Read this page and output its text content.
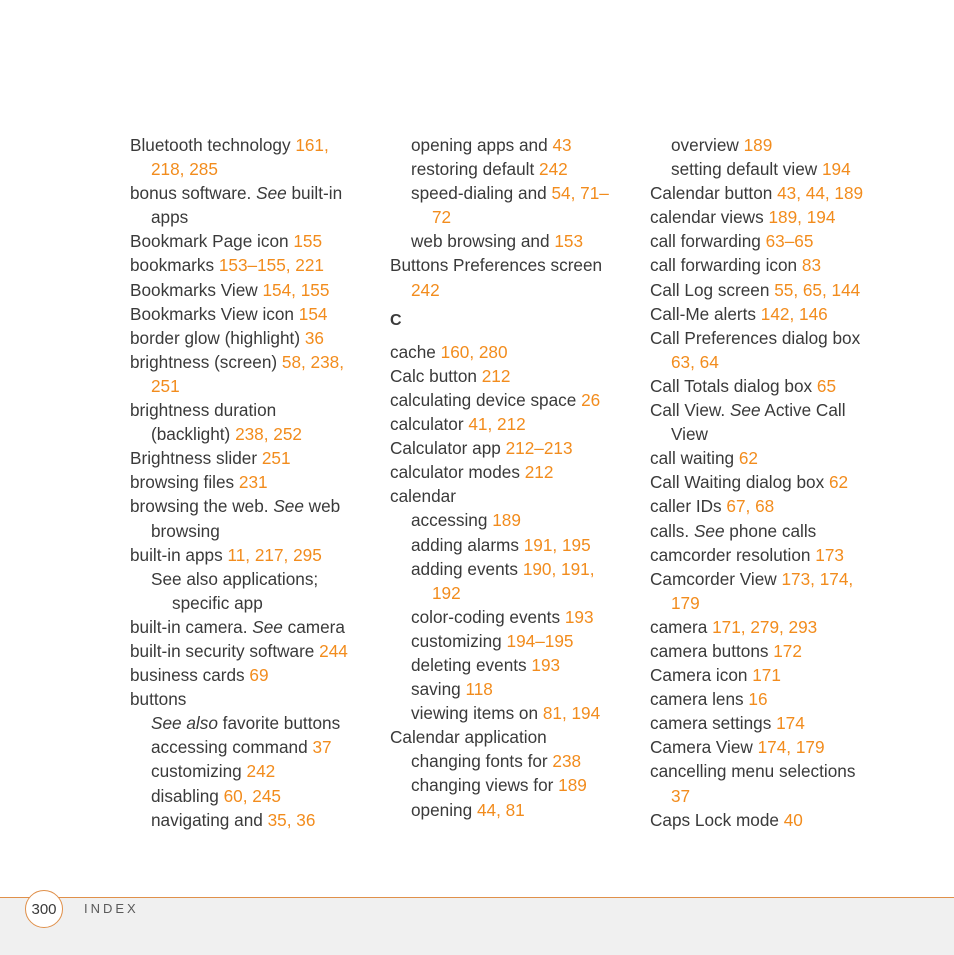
Bluetooth technology 161,
218, 285
bonus software. See built-in
apps
Bookmark Page icon 155
bookmarks 153–155, 221
Bookmarks View 154, 155
Bookmarks View icon 154
border glow (highlight) 36
brightness (screen) 58, 238,
251
brightness duration
(backlight) 238, 252
Brightness slider 251
browsing files 231
browsing the web. See web
browsing
built-in apps 11, 217, 295
See also applications;
specific app
built-in camera. See camera
built-in security software 244
business cards 69
buttons
See also favorite buttons
accessing command 37
customizing 242
disabling 60, 245
navigating and 35, 36
opening apps and 43
restoring default 242
speed-dialing and 54, 71–
72
web browsing and 153
Buttons Preferences screen
242
C
cache 160, 280
Calc button 212
calculating device space 26
calculator 41, 212
Calculator app 212–213
calculator modes 212
calendar
accessing 189
adding alarms 191, 195
adding events 190, 191,
192
color-coding events 193
customizing 194–195
deleting events 193
saving 118
viewing items on 81, 194
Calendar application
changing fonts for 238
changing views for 189
opening 44, 81
overview 189
setting default view 194
Calendar button 43, 44, 189
calendar views 189, 194
call forwarding 63–65
call forwarding icon 83
Call Log screen 55, 65, 144
Call-Me alerts 142, 146
Call Preferences dialog box
63, 64
Call Totals dialog box 65
Call View. See Active Call
View
call waiting 62
Call Waiting dialog box 62
caller IDs 67, 68
calls. See phone calls
camcorder resolution 173
Camcorder View 173, 174,
179
camera 171, 279, 293
camera buttons 172
Camera icon 171
camera lens 16
camera settings 174
Camera View 174, 179
cancelling menu selections
37
Caps Lock mode 40
300	INDEX
